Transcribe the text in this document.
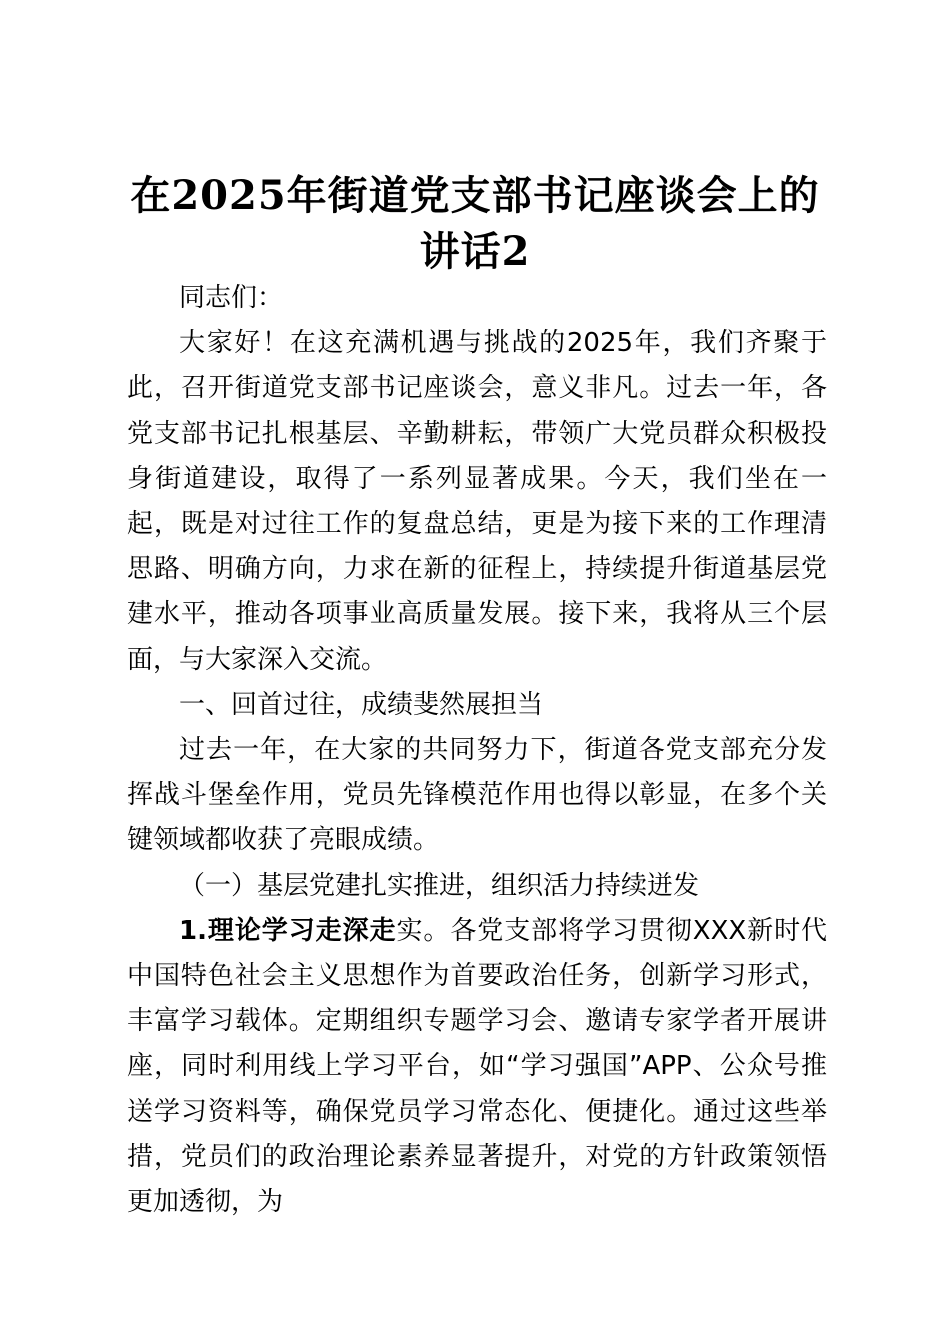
在2025年街道党支部书记座谈会上的
讲话2

同志们：

大家好！在这充满机遇与挑战的2025年，我们齐聚于此，召开街道党支部书记座谈会，意义非凡。过去一年，各党支部书记扎根基层、辛勤耕耘，带领广大党员群众积极投身街道建设，取得了一系列显著成果。今天，我们坐在一起，既是对过往工作的复盘总结，更是为接下来的工作理清思路、明确方向，力求在新的征程上，持续提升街道基层党建水平，推动各项事业高质量发展。接下来，我将从三个层面，与大家深入交流。

一、回首过往，成绩斐然展担当

过去一年，在大家的共同努力下，街道各党支部充分发挥战斗堡垒作用，党员先锋模范作用也得以彰显，在多个关键领域都收获了亮眼成绩。

（一）基层党建扎实推进，组织活力持续迸发

1.理论学习走深走实。各党支部将学习贯彻XXX新时代中国特色社会主义思想作为首要政治任务，创新学习形式，丰富学习载体。定期组织专题学习会、邀请专家学者开展讲座，同时利用线上学习平台，如“学习强国”APP、公众号推送学习资料等，确保党员学习常态化、便捷化。通过这些举措，党员们的政治理论素养显著提升，对党的方针政策领悟更加透彻，为
